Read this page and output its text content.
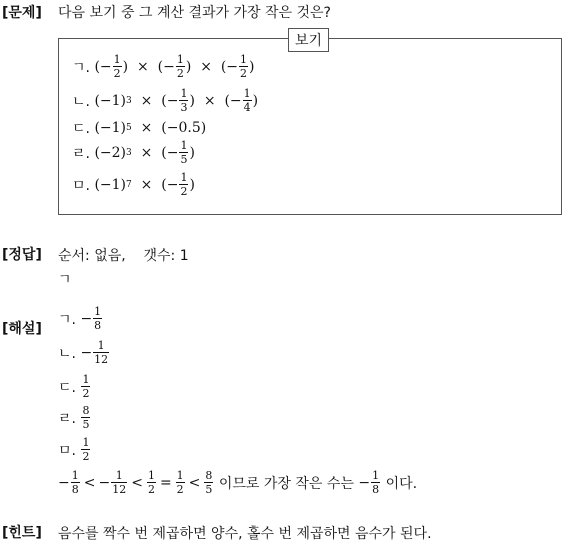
[문제] 다음 보기 중 그 계산 결과가 가장 작은 것은?
보기
ㄱ.
(− $\frac{1}{2}$ )  ×  (− $\frac{1}{2}$ )  ×  (− $\frac{1}{2}$ )
ㄴ.
(−1) 3 ×  (− $\frac{1}{3}$ )  ×  (− $\frac{1}{4}$ )
ㄷ.
(−1) 5 ×  (−0.5)
ㄹ.
(−2) 3 ×  (− $\frac{1}{5}$ )
ㅁ.
(−1) 7 ×  (− $\frac{1}{2}$ )
[정답] 순서: 없음,    갯수: 1
ㄱ
[해설]
ㄱ.
− $\frac{1}{8}$
ㄴ.
− $\frac{1}{12}$
ㄷ.
$\frac{1}{2}$
ㄹ.
$\frac{8}{5}$
ㅁ.
$\frac{1}{2}$
− $\frac{1}{8}$ < − $\frac{1}{12} < \frac{1}{2} = \frac{1}{2} < \frac{8}{5}$
이므로 가장 작은 수는
− $\frac{1}{8}$
이다.
[힌트] 음수를 짝수 번 제곱하면 양수, 홀수 번 제곱하면 음수가 된다.
